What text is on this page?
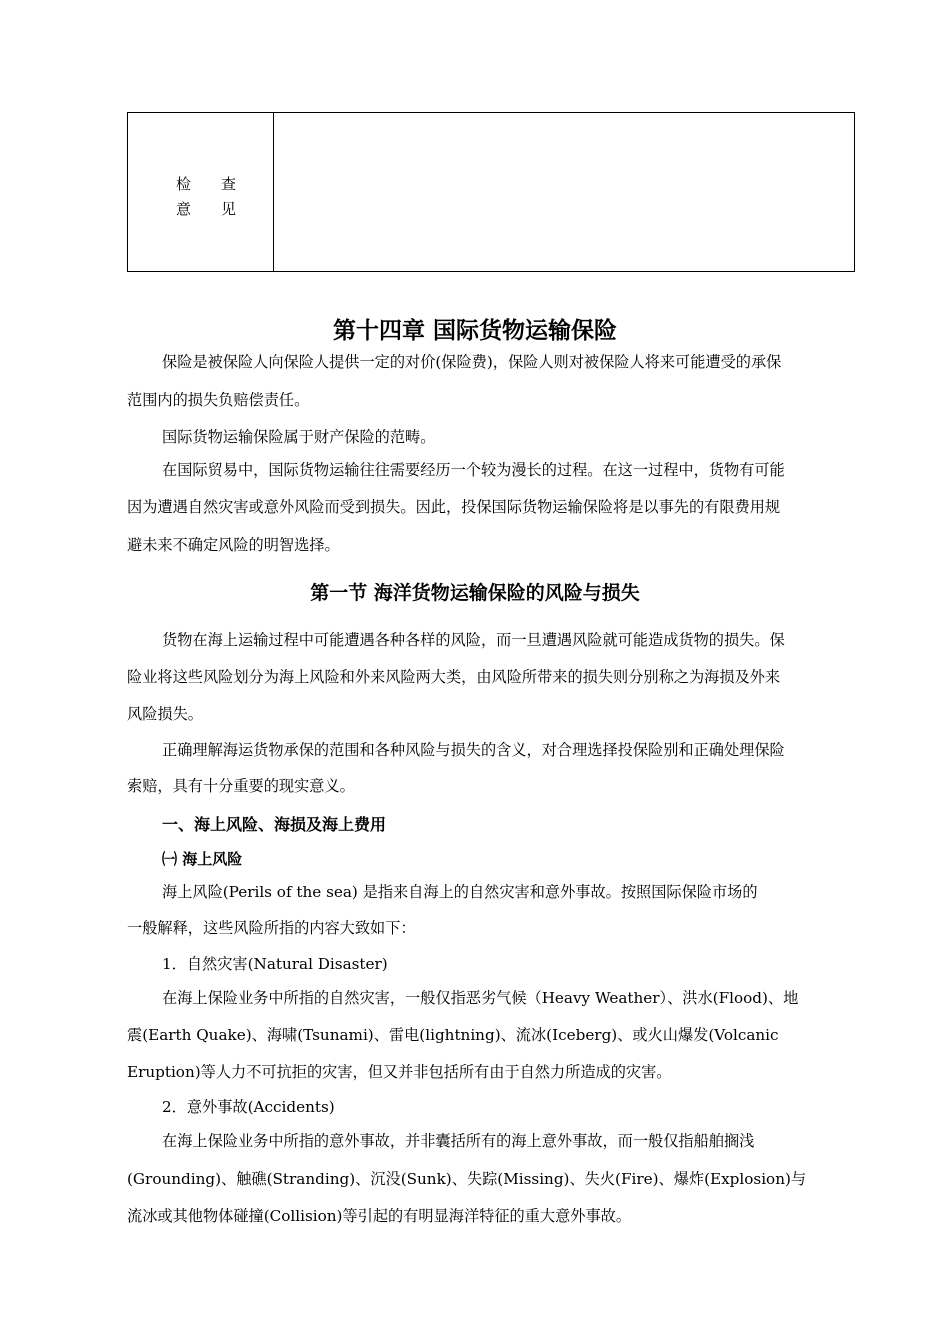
检 查
意 见
第十四章 国际货物运输保险
保险是被保险人向保险人提供一定的对价(保险费)，保险人则对被保险人将来可能遭受的承保
范围内的损失负赔偿责任。
国际货物运输保险属于财产保险的范畴。
在国际贸易中，国际货物运输往往需要经历一个较为漫长的过程。在这一过程中，货物有可能
因为遭遇自然灾害或意外风险而受到损失。因此，投保国际货物运输保险将是以事先的有限费用规
避未来不确定风险的明智选择。
第一节 海洋货物运输保险的风险与损失
货物在海上运输过程中可能遭遇各种各样的风险，而一旦遭遇风险就可能造成货物的损失。保
险业将这些风险划分为海上风险和外来风险两大类，由风险所带来的损失则分别称之为海损及外来
风险损失。
正确理解海运货物承保的范围和各种风险与损失的含义，对合理选择投保险别和正确处理保险
索赔，具有十分重要的现实意义。
一、海上风险、海损及海上费用
㈠ 海上风险
海上风险(Perils of the sea) 是指来自海上的自然灾害和意外事故。按照国际保险市场的
一般解释，这些风险所指的内容大致如下：
1．自然灾害(Natural Disaster)
在海上保险业务中所指的自然灾害，一般仅指恶劣气候（Heavy Weather）、洪水(Flood)、地
震(Earth Quake)、海啸(Tsunami)、雷电(lightning)、流冰(Iceberg)、或火山爆发(Volcanic
Eruption)等人力不可抗拒的灾害，但又并非包括所有由于自然力所造成的灾害。
2．意外事故(Accidents)
在海上保险业务中所指的意外事故，并非囊括所有的海上意外事故，而一般仅指船舶搁浅
(Grounding)、触礁(Stranding)、沉没(Sunk)、失踪(Missing)、失火(Fire)、爆炸(Explosion)与
流冰或其他物体碰撞(Collision)等引起的有明显海洋特征的重大意外事故。
